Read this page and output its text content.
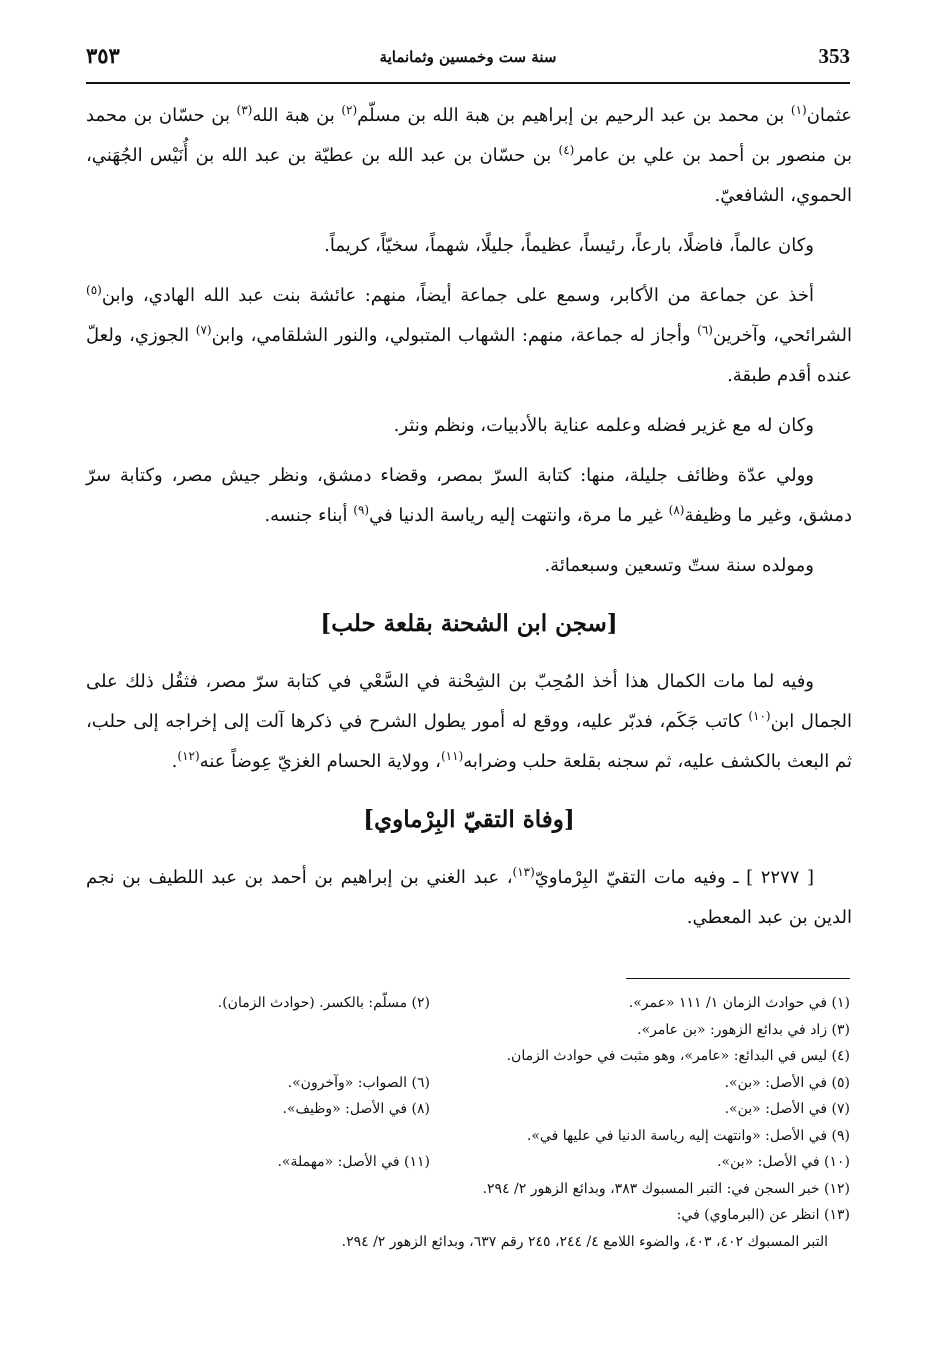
353
سنة ست وخمسين وثمانماية
٣٥٣

عثمان$^{(١)}$ بن محمد بن عبد الرحيم بن إبراهيم بن هبة الله بن مسلّم$^{(٢)}$ بن هبة الله$^{(٣)}$ بن حسّان بن محمد بن منصور بن أحمد بن علي بن عامر$^{(٤)}$ بن حسّان بن عبد الله بن عطيّة بن عبد الله بن أُنَيْس الجُهَني، الحموي، الشافعيّ.

وكان عالماً، فاضلًا، بارعاً، رئيساً، عظيماً، جليلًا، شهماً، سخيّاً، كريماً.

أخذ عن جماعة من الأكابر، وسمع على جماعة أيضاً، منهم: عائشة بنت عبد الله الهادي، وابن$^{(٥)}$ الشرائحي، وآخرين$^{(٦)}$ وأجاز له جماعة، منهم: الشهاب المتبولي، والنور الشلقامي، وابن$^{(٧)}$ الجوزي، ولعلّ عنده أقدم طبقة.

وكان له مع غزير فضله وعلمه عناية بالأدبيات، ونظم ونثر.

وولي عدّة وظائف جليلة، منها: كتابة السرّ بمصر، وقضاء دمشق، ونظر جيش مصر، وكتابة سرّ دمشق، وغير ما وظيفة$^{(٨)}$ غير ما مرة، وانتهت إليه رياسة الدنيا في$^{(٩)}$ أبناء جنسه.

ومولده سنة ستّ وتسعين وسبعمائة.

[سجن ابن الشحنة بقلعة حلب]

وفيه لما مات الكمال هذا أخذ المُحِبّ بن الشِحْنة في السَّعْي في كتابة سرّ مصر، فثقُل ذلك على الجمال ابن$^{(١٠)}$ كاتب جَكَم، فدبّر عليه، ووقع له أمور يطول الشرح في ذكرها آلت إلى إخراجه إلى حلب، ثم البعث بالكشف عليه، ثم سجنه بقلعة حلب وضرابه$^{(١١)}$، وولاية الحسام الغزيّ عِوضاً عنه$^{(١٢)}$.

[وفاة التقيّ البِرْماوي]

[ ٢٢٧٧ ] ـ وفيه مات التقيّ البِرْماويّ$^{(١٣)}$، عبد الغني بن إبراهيم بن أحمد بن عبد اللطيف بن نجم الدين بن عبد المعطي.

(١) في حوادث الزمان ١/ ١١١ «عمر».
(٢) مسلّم: بالكسر. (حوادث الزمان).
(٣) زاد في بدائع الزهور: «بن عامر».
(٤) ليس في البدائع: «عامر»، وهو مثبت في حوادث الزمان.
(٥) في الأصل: «بن».
(٦) الصواب: «وآخرون».
(٧) في الأصل: «بن».
(٨) في الأصل: «وظيف».
(٩) في الأصل: «وانتهت إليه رياسة الدنيا في عليها في».
(١٠) في الأصل: «بن».
(١١) في الأصل: «مهملة».
(١٢) خبر السجن في: التبر المسبوك ٣٨٣، وبدائع الزهور ٢/ ٢٩٤.
(١٣) انظر عن (البرماوي) في:
التبر المسبوك ٤٠٢، ٤٠٣، والضوء اللامع ٤/ ٢٤٤، ٢٤٥ رقم ٦٣٧، وبدائع الزهور ٢/ ٢٩٤.
